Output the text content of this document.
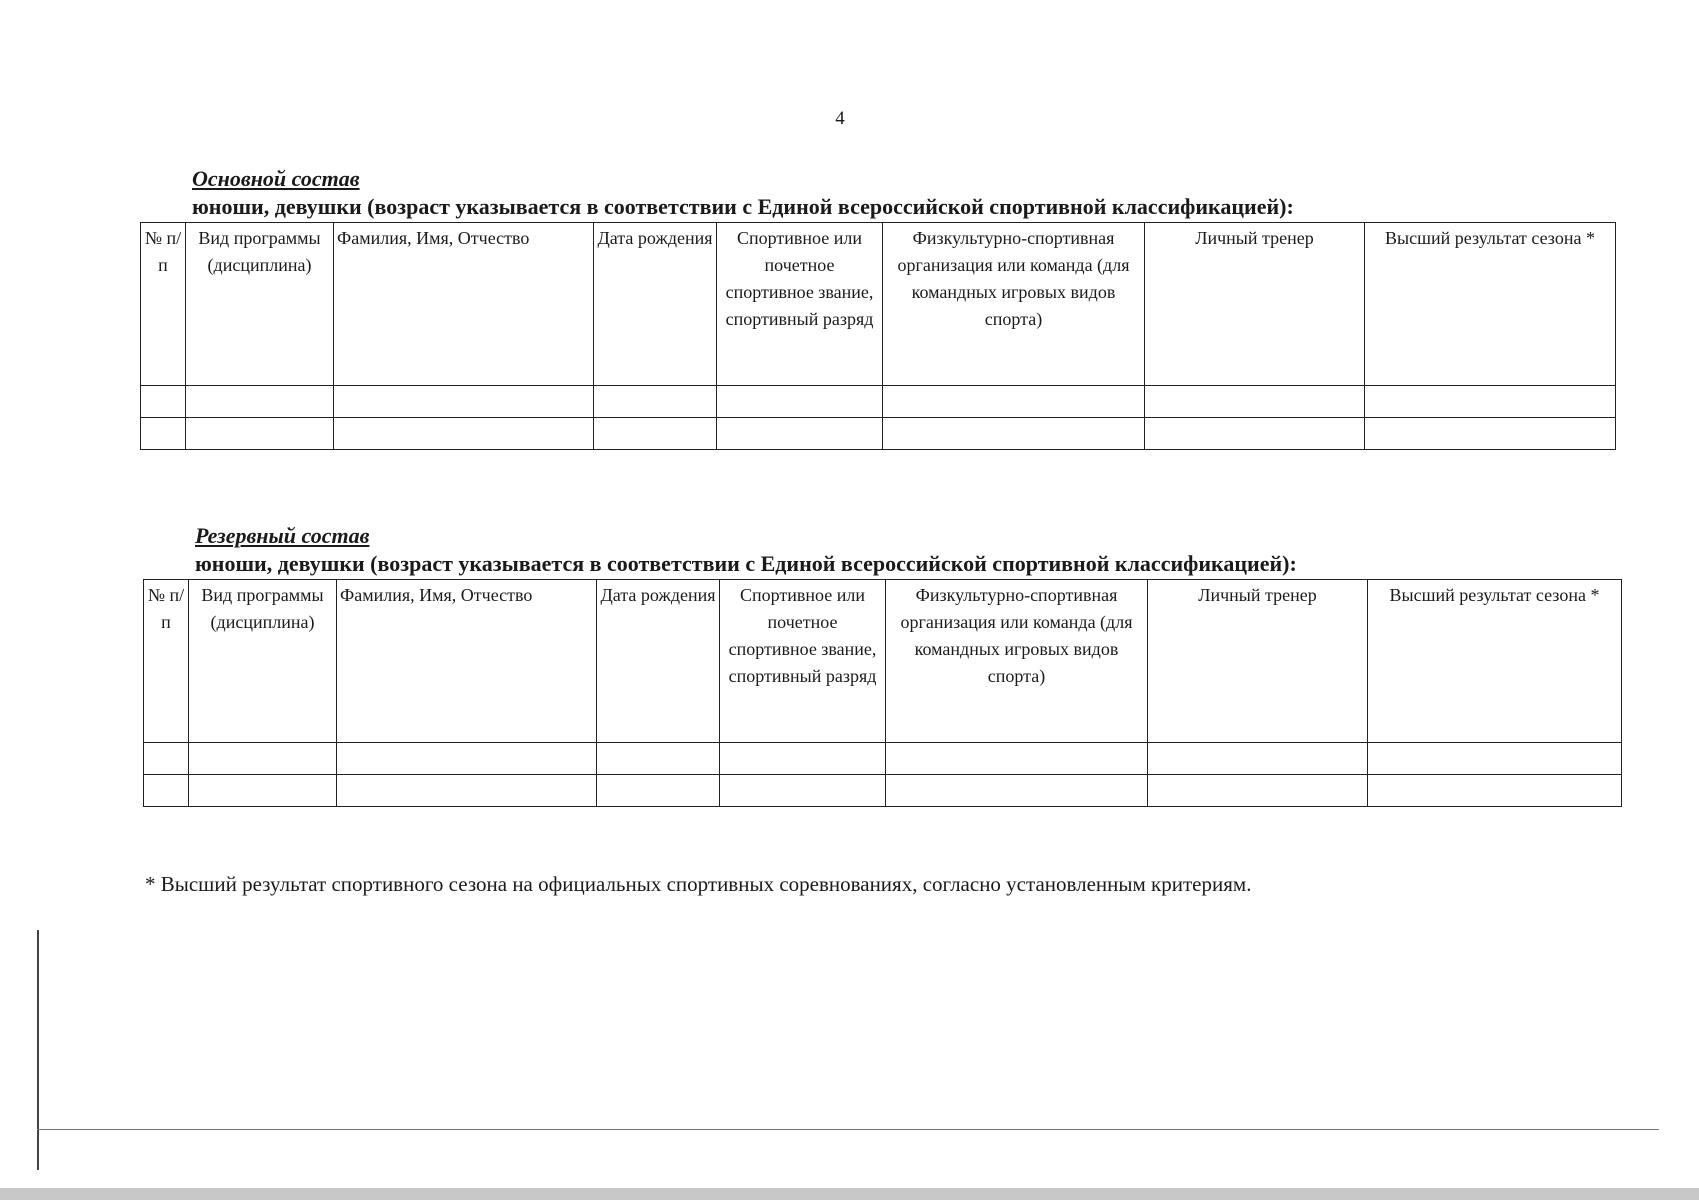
4
Основной состав
юноши, девушки (возраст указывается в соответствии с Единой всероссийской спортивной классификацией):
№ п/п	Вид программы (дисциплина)	Фамилия, Имя, Отчество	Дата рождения	Спортивное или почетное спортивное звание, спортивный разряд	Физкультурно-спортивная организация или команда (для командных игровых видов спорта)	Личный тренер	Высший результат сезона *

Резервный состав
юноши, девушки (возраст указывается в соответствии с Единой всероссийской спортивной классификацией):
№ п/п	Вид программы (дисциплина)	Фамилия, Имя, Отчество	Дата рождения	Спортивное или почетное спортивное звание, спортивный разряд	Физкультурно-спортивная организация или команда (для командных игровых видов спорта)	Личный тренер	Высший результат сезона *

* Высший результат спортивного сезона на официальных спортивных соревнованиях, согласно установленным критериям.
